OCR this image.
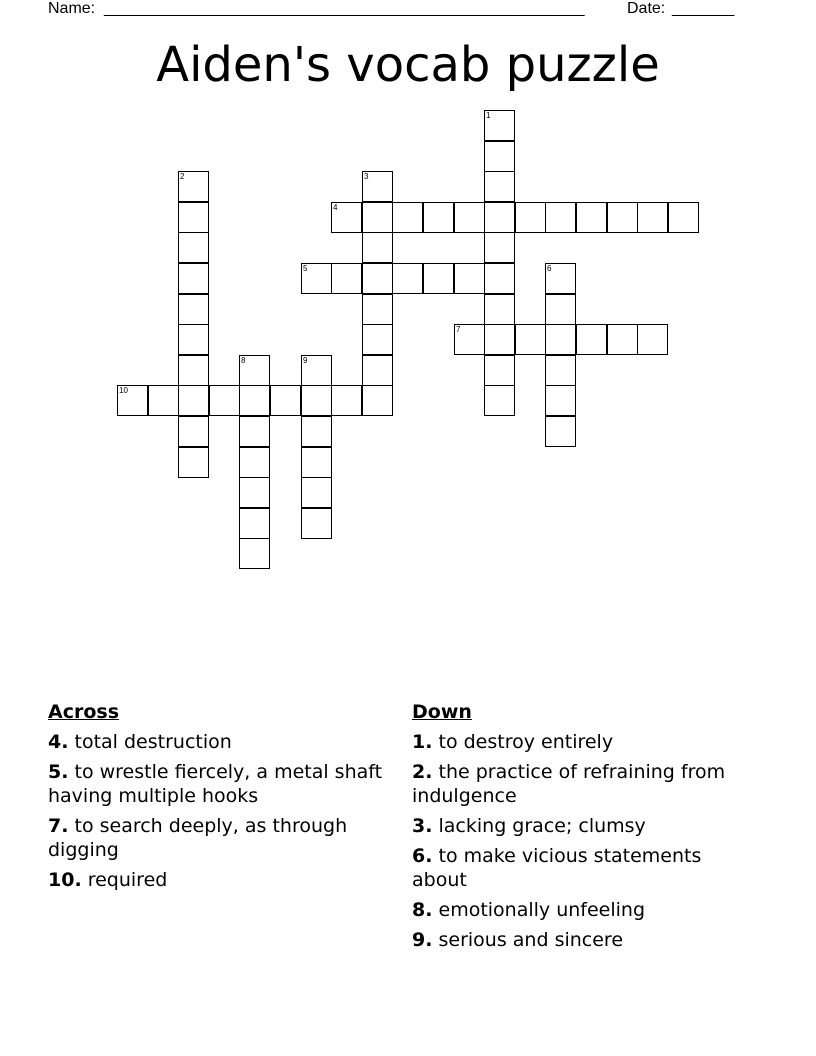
Name: ______________________________________________________	Date: _______
Aiden's vocab puzzle
1
2	3
4
5	6
7
8	9
10
Across
4. total destruction
5. to wrestle fiercely, a metal shaft having multiple hooks
7. to search deeply, as through digging
10. required
Down
1. to destroy entirely
2. the practice of refraining from indulgence
3. lacking grace; clumsy
6. to make vicious statements about
8. emotionally unfeeling
9. serious and sincere
